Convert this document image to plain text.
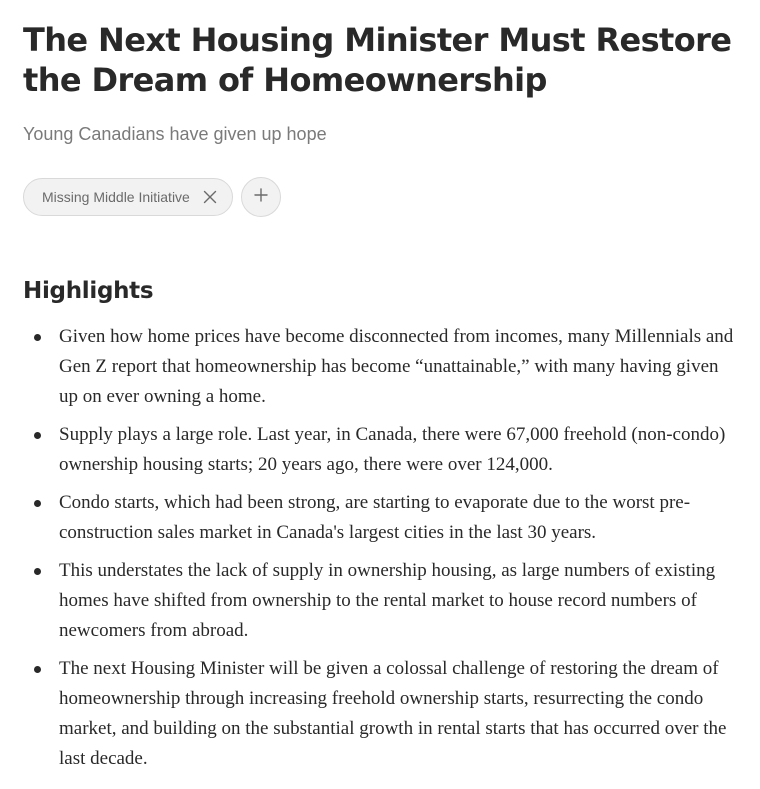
The Next Housing Minister Must Restore the Dream of Homeownership
Young Canadians have given up hope
Missing Middle Initiative
Highlights
Given how home prices have become disconnected from incomes, many Millennials and Gen Z report that homeownership has become “unattainable,” with many having given up on ever owning a home.
Supply plays a large role. Last year, in Canada, there were 67,000 freehold (non-condo) ownership housing starts; 20 years ago, there were over 124,000.
Condo starts, which had been strong, are starting to evaporate due to the worst pre-construction sales market in Canada's largest cities in the last 30 years.
This understates the lack of supply in ownership housing, as large numbers of existing homes have shifted from ownership to the rental market to house record numbers of newcomers from abroad.
The next Housing Minister will be given a colossal challenge of restoring the dream of homeownership through increasing freehold ownership starts, resurrecting the condo market, and building on the substantial growth in rental starts that has occurred over the last decade.
